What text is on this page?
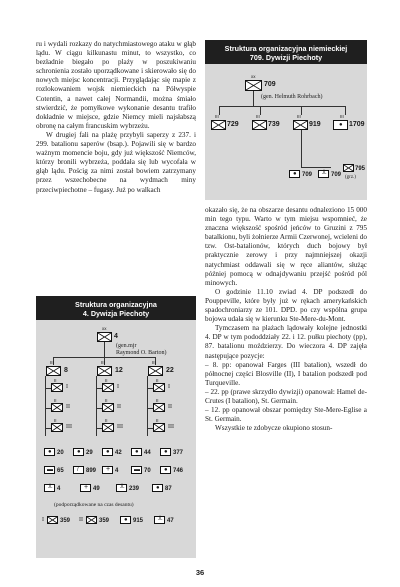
ru i wydali rozkazy do natychmiastowego ataku w głąb lądu. W ciągu kilkunastu minut, to wszystko, co bezładnie biegało po plaży w poszukiwaniu schronienia zostało uporządkowane i skierowało się do nowych miejsc koncentracji. Przyglądając się mapie z rozlokowaniem wojsk niemieckich na Półwyspie Cotentin, a nawet całej Normandii, można śmiało stwierdzić, że pomyłkowe wykonanie desantu trafiło dokładnie w miejsce, gdzie Niemcy mieli najsłabszą obronę na całym francuskim wybrzeżu.

W drugiej fali na plażę przybyli saperzy z 237. i 299. batalionu saperów (bsap.). Pojawili się w bardzo ważnym momencie boju, gdy już większość Niemców, którzy bronili wybrzeża, poddała się lub wycofała w głąb lądu. Pościg za nimi został bowiem zatrzymany przez wszechobecne na wydmach miny przeciwpiechotne – fugasy. Już po walkach

Struktura organizacyjna
4. Dywizja Piechoty
xx
4
(gen.mjr
Raymond O. Barton)
III
8
II
I
II
II
II
III
III
12
II
I
II
II
II
III
III
22
II
I
II
II
II
III
● 20 ● 29 ● 42 ● 44 ● 377
▬ 65 / 899 + 4	▬ 70 ● 746
╨ 4	+ 49	╨ 239	● 87
(podporządkowane na czas desantu)
I	359 II	359 ● 915 ╨ 47
Struktura organizacyjna niemieckiej
709. Dywizji Piechoty
xx
709
(gen. Helmuth Rohrbach)
III
729
III
739
III
919
III
● 1709
● 709 ╨ 709
795
(grz.)

okazało się, że na obszarze desantu odnaleziono 15 000 min tego typu. Warto w tym miejsu wspomnieć, że znaczna większość spośród jeńców to Gruzini z 795 batalkionu, byli żołnierze Armii Czerwonej, wcieleni do tzw. Ost-batalionów, których duch bojowy był praktycznie zerowy i przy najmniejszej okazji natychmiast oddawali się w ręce aliantów, służąc później pomocą w odnajdywaniu przejść pośród pól minowych.

O godzinie 11.10 zwiad 4. DP podszedł do Pouppeville, które były już w rękach amerykańskich spadochroniarzy ze 101. DPD. po czy wspólna grupa bojowa udała się w kierunku Ste-Mere-du-Mont.

Tymczasem na plażach lądowały kolejne jednostki 4. DP w tym pododdziały 22. i 12. pułku piechoty (pp), 87. batalionu moździerzy. Do wieczora 4. DP zajęła następujące pozycje:

– 8. pp: opanował Farges (III batalion), wszedł do północnej części Blosville (II), I batalion podszedł pod Turqueville.

– 22. pp (prawe skrzydło dywizji) opanował: Hamel de-Crutes (I batalion), St. Germain.

– 12. pp opanował obszar pomiędzy Ste-Mere-Eglise a St. Germain.

Wszystkie te zdobycze okupiono stosun-

36
